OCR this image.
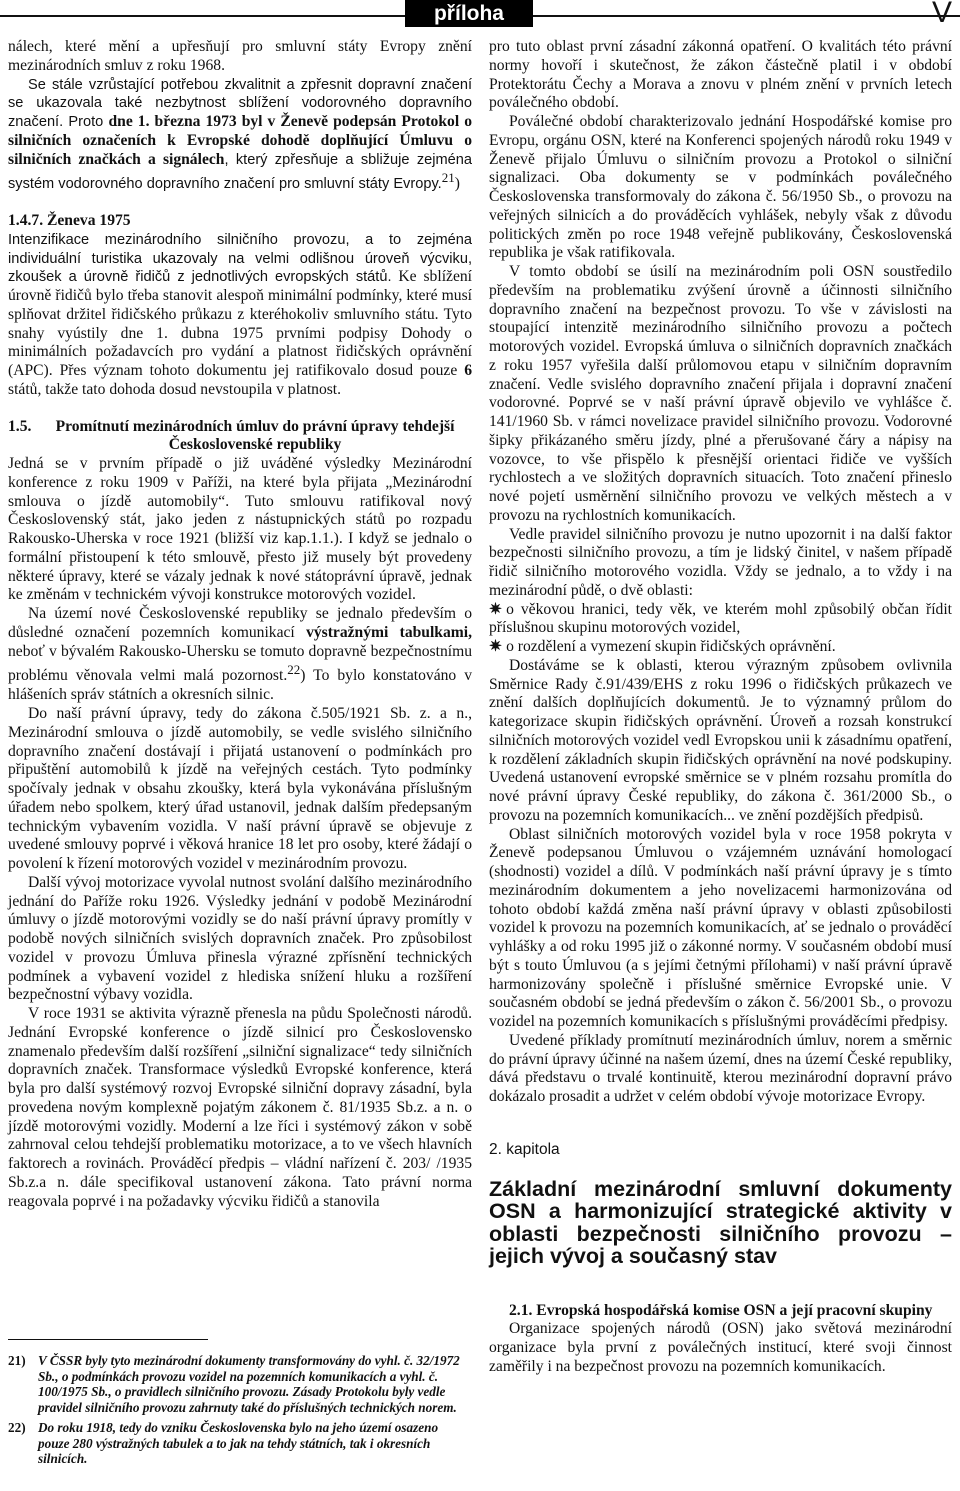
příloha	V

nálech, které mění a upřesňují pro smluvní státy Evropy znění mezinárodních smluv z roku 1968.

Se stále vzrůstající potřebou zkvalitnit a zpřesnit dopravní značení se ukazovala také nezbytnost sblížení vodorovného dopravního značení. Proto dne 1. března 1973 byl v Ženevě podepsán Protokol o silničních označeních k Evropské dohodě doplňující Úmluvu o silničních značkách a signálech, který zpřesňuje a sbližuje zejména systém vodorovného dopravního značení pro smluvní státy Evropy.$^{21}$)

1.4.7. Ženeva 1975

Intenzifikace mezinárodního silničního provozu, a to zejména individuální turistika ukazovaly na velmi odlišnou úroveň výcviku, zkoušek a úrovně řidičů z jednotlivých evropských států. Ke sblížení úrovně řidičů bylo třeba stanovit alespoň minimální podmínky, které musí splňovat držitel řidičského průkazu z kteréhokoliv smluvního státu. Tyto snahy vyústily dne 1. dubna 1975 prvními podpisy Dohody o minimálních požadavcích pro vydání a platnost řidičských oprávnění (APC). Přes význam tohoto dokumentu jej ratifikovalo dosud pouze 6 států, takže tato dohoda dosud nevstoupila v platnost.

1.5.	Promítnutí mezinárodních úmluv do právní úpravy tehdejší Československé republiky

Jedná se v prvním případě o již uváděné výsledky Mezinárodní konference z roku 1909 v Paříži, na které byla přijata „Mezinárodní smlouva o jízdě automobily“. Tuto smlouvu ratifikoval nový Československý stát, jako jeden z nástupnických států po rozpadu Rakousko-Uherska v roce 1921 (bližší viz kap.1.1.). I když se jednalo o formální přistoupení k této smlouvě, přesto již musely být provedeny některé úpravy, které se vázaly jednak k nové státoprávní úpravě, jednak ke změnám v technickém vývoji konstrukce motorových vozidel.

Na území nové Československé republiky se jednalo především o důsledné označení pozemních komunikací výstražnými tabulkami, neboť v bývalém Rakousko-Uhersku se tomuto dopravně bezpečnostnímu problému věnovala velmi malá pozornost.$^{22}$) To bylo konstatováno v hlášeních správ státních a okresních silnic.

Do naší právní úpravy, tedy do zákona č.505/1921 Sb. z. a n., Mezinárodní smlouva o jízdě automobily, se vedle svislého silničního dopravního značení dostávají i přijatá ustanovení o podmínkách pro připuštění automobilů k jízdě na veřejných cestách. Tyto podmínky spočívaly jednak v obsahu zkoušky, která byla vykonávána příslušným úřadem nebo spolkem, který úřad ustanovil, jednak dalším předepsaným technickým vybavením vozidla. V naší právní úpravě se objevuje z uvedené smlouvy poprvé i věková hranice 18 let pro osoby, které žádají o povolení k řízení motorových vozidel v mezinárodním provozu.

Další vývoj motorizace vyvolal nutnost svolání dalšího mezinárodního jednání do Paříže roku 1926. Výsledky jednání v podobě Mezinárodní úmluvy o jízdě motorovými vozidly se do naší právní úpravy promítly v podobě nových silničních svislých dopravních značek. Pro způsobilost vozidel v provozu Úmluva přinesla výrazné zpřísnění technických podmínek a vybavení vozidel z hlediska snížení hluku a rozšíření bezpečnostní výbavy vozidla.

V roce 1931 se aktivita výrazně přenesla na půdu Společnosti národů. Jednání Evropské konference o jízdě silnicí pro Československo znamenalo především další rozšíření „silniční signalizace“ tedy silničních dopravních značek. Transformace výsledků Evropské konference, která byla pro další systémový rozvoj Evropské silniční dopravy zásadní, byla provedena novým komplexně pojatým zákonem č. 81/1935 Sb.z. a n. o jízdě motorovými vozidly. Moderní a lze říci i systémový zákon v sobě zahrnoval celou tehdejší problematiku motorizace, a to ve všech hlavních faktorech a rovinách. Prováděcí předpis – vládní nařízení č. 203/ /1935 Sb.z.a n. dále specifikoval ustanovení zákona. Tato právní norma reagovala poprvé i na požadavky výcviku řidičů a stanovila

21) V ČSSR byly tyto mezinárodní dokumenty transformovány do vyhl. č. 32/1972 Sb., o podmínkách provozu vozidel na pozemních komunikacích a vyhl. č. 100/1975 Sb., o pravidlech silničního provozu. Zásady Protokolu byly vedle pravidel silničního provozu zahrnuty také do příslušných technických norem.
22) Do roku 1918, tedy do vzniku Československa bylo na jeho území osazeno pouze 280 výstražných tabulek a to jak na tehdy státních, tak i okresních silnicích.

pro tuto oblast první zásadní zákonná opatření. O kvalitách této právní normy hovoří i skutečnost, že zákon částečně platil i v období Protektorátu Čechy a Morava a znovu v plném znění v prvních letech poválečného období.

Poválečné období charakterizovalo jednání Hospodářské komise pro Evropu, orgánu OSN, které na Konferenci spojených národů roku 1949 v Ženevě přijalo Úmluvu o silničním provozu a Protokol o silniční signalizaci. Oba dokumenty se v podmínkách poválečného Československa transformovaly do zákona č. 56/1950 Sb., o provozu na veřejných silnicích a do prováděcích vyhlášek, nebyly však z důvodu politických změn po roce 1948 veřejně publikovány, Československá republika je však ratifikovala.

V tomto období se úsilí na mezinárodním poli OSN soustředilo především na problematiku zvýšení úrovně a účinnosti silničního dopravního značení na bezpečnost provozu. To vše v závislosti na stoupající intenzitě mezinárodního silničního provozu a počtech motorových vozidel. Evropská úmluva o silničních dopravních značkách z roku 1957 vyřešila další průlomovou etapu v silničním dopravním značení. Vedle svislého dopravního značení přijala i dopravní značení vodorovné. Poprvé se v naší právní úpravě objevilo ve vyhlášce č. 141/1960 Sb. v rámci novelizace pravidel silničního provozu. Vodorovné šipky přikázaného směru jízdy, plné a přerušované čáry a nápisy na vozovce, to vše přispělo k přesnější orientaci řidiče ve vyšších rychlostech a ve složitých dopravních situacích. Toto značení přineslo nové pojetí usměrnění silničního provozu ve velkých městech a v provozu na rychlostních komunikacích.

Vedle pravidel silničního provozu je nutno upozornit i na další faktor bezpečnosti silničního provozu, a tím je lidský činitel, v našem případě řidič silničního motorového vozidla. Vždy se jednalo, a to vždy i na mezinárodní půdě, o dvě oblasti:

✷ o věkovou hranici, tedy věk, ve kterém mohl způsobilý občan řídit příslušnou skupinu motorových vozidel,

✷ o rozdělení a vymezení skupin řidičských oprávnění.

Dostáváme se k oblasti, kterou výrazným způsobem ovlivnila Směrnice Rady č.91/439/EHS z roku 1996 o řidičských průkazech ve znění dalších doplňujících dokumentů. Je to významný průlom do kategorizace skupin řidičských oprávnění. Úroveň a rozsah konstrukcí silničních motorových vozidel vedl Evropskou unii k zásadnímu opatření, k rozdělení základních skupin řidičských oprávnění na nové podskupiny. Uvedená ustanovení evropské směrnice se v plném rozsahu promítla do nové právní úpravy České republiky, do zákona č. 361/2000 Sb., o provozu na pozemních komunikacích... ve znění pozdějších předpisů.

Oblast silničních motorových vozidel byla v roce 1958 pokryta v Ženevě podepsanou Úmluvou o vzájemném uznávání homologací (shodnosti) vozidel a dílů. V podmínkách naší právní úpravy je s tímto mezinárodním dokumentem a jeho novelizacemi harmonizována od tohoto období každá změna naší právní úpravy v oblasti způsobilosti vozidel k provozu na pozemních komunikacích, ať se jednalo o prováděcí vyhlášky a od roku 1995 již o zákonné normy. V současném období musí být s touto Úmluvou (a s jejími četnými přílohami) v naší právní úpravě harmonizovány společně i příslušné směrnice Evropské unie. V současném období se jedná především o zákon č. 56/2001 Sb., o provozu vozidel na pozemních komunikacích s příslušnými prováděcími předpisy.

Uvedené příklady promítnutí mezinárodních úmluv, norem a směrnic do právní úpravy účinné na našem území, dnes na území České republiky, dává představu o trvalé kontinuitě, kterou mezinárodní dopravní právo dokázalo prosadit a udržet v celém období vývoje motorizace Evropy.

2. kapitola

Základní mezinárodní smluvní dokumenty OSN a harmonizující strategické aktivity v oblasti bezpečnosti silničního provozu – jejich vývoj a současný stav

2.1. Evropská hospodářská komise OSN a její pracovní skupiny

Organizace spojených národů (OSN) jako světová mezinárodní organizace byla první z poválečných institucí, které svoji činnost zaměřily i na bezpečnost provozu na pozemních komunikacích.
